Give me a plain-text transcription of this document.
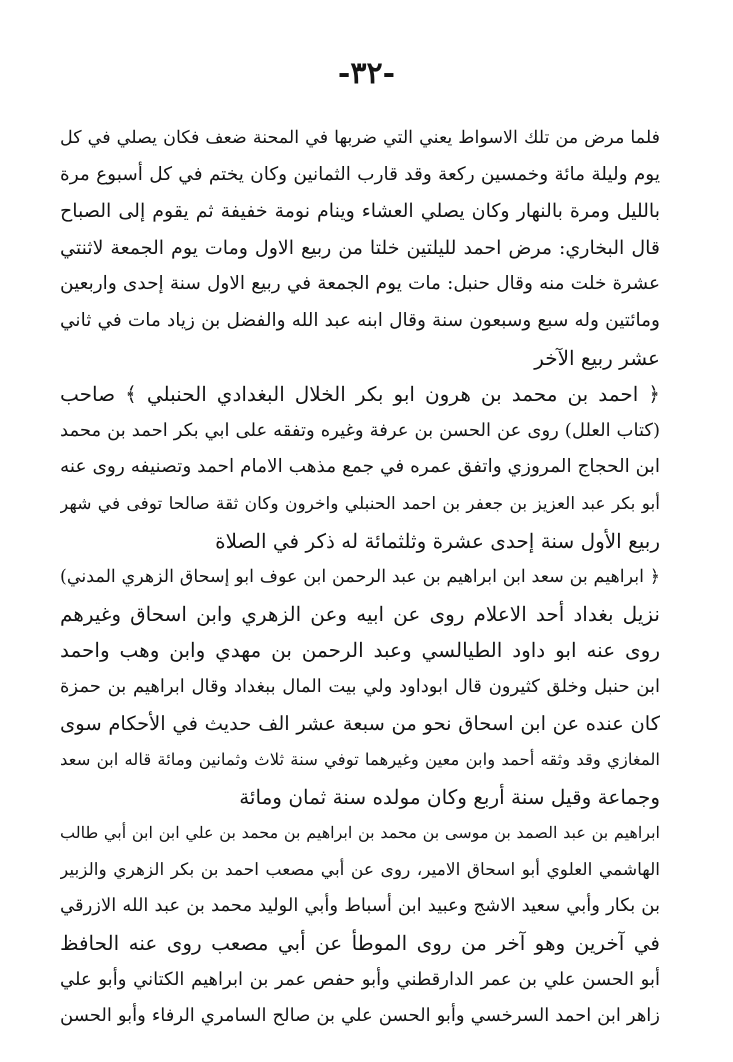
-٣٢-
فلما مرض من تلك الاسواط يعني التي ضربها في المحنة ضعف فكان يصلي في كل
يوم وليلة مائة وخمسين ركعة وقد قارب الثمانين وكان يختم في كل أسبوع مرة
بالليل ومرة بالنهار وكان يصلي العشاء وينام نومة خفيفة ثم يقوم إلى الصباح
قال البخاري: مرض احمد لليلتين خلتا من ربيع الاول ومات يوم الجمعة لاثنتي
عشرة خلت منه وقال حنبل: مات يوم الجمعة في ربيع الاول سنة إحدى واربعين
ومائتين وله سبع وسبعون سنة وقال ابنه عبد الله والفضل بن زياد مات في ثاني
عشر ربيع الآخر
﴿ احمد بن محمد بن هرون ابو بكر الخلال البغدادي الحنبلي ﴾ صاحب
(كتاب العلل) روى عن الحسن بن عرفة وغيره وتفقه على ابي بكر احمد بن محمد
ابن الحجاج المروزي واتفق عمره في جمع مذهب الامام احمد وتصنيفه روى عنه
أبو بكر عبد العزيز بن جعفر بن احمد الحنبلي واخرون وكان ثقة صالحا توفى في شهر
ربيع الأول سنة إحدى عشرة وثلثمائة له ذكر في الصلاة
﴿ ابراهيم بن سعد ابن ابراهيم بن عبد الرحمن ابن عوف ابو إسحاق الزهري المدني)
نزيل بغداد أحد الاعلام روى عن ابيه وعن الزهري وابن اسحاق وغيرهم
روى عنه ابو داود الطيالسي وعبد الرحمن بن مهدي وابن وهب واحمد
ابن حنبل وخلق كثيرون قال ابوداود ولي بيت المال ببغداد وقال ابراهيم بن حمزة
كان عنده عن ابن اسحاق نحو من سبعة عشر الف حديث في الأحكام سوى
المغازي وقد وثقه أحمد وابن معين وغيرهما توفي سنة ثلاث وثمانين ومائة قاله ابن سعد
وجماعة وقيل سنة أربع وكان مولده سنة ثمان ومائة
ابراهيم بن عبد الصمد بن موسى بن محمد بن ابراهيم بن محمد بن علي ابن ابن أبي طالب
الهاشمي العلوي أبو اسحاق الامير، روى عن أبي مصعب احمد بن بكر الزهري والزبير
بن بكار وأبي سعيد الاشج وعبيد ابن أسباط وأبي الوليد محمد بن عبد الله الازرقي
في آخرين وهو آخر من روى الموطأ عن أبي مصعب روى عنه الحافظ
أبو الحسن علي بن عمر الدارقطني وأبو حفص عمر بن ابراهيم الكتاني وأبو علي
زاهر ابن احمد السرخسي وأبو الحسن علي بن صالح السامري الرفاء وأبو الحسن
